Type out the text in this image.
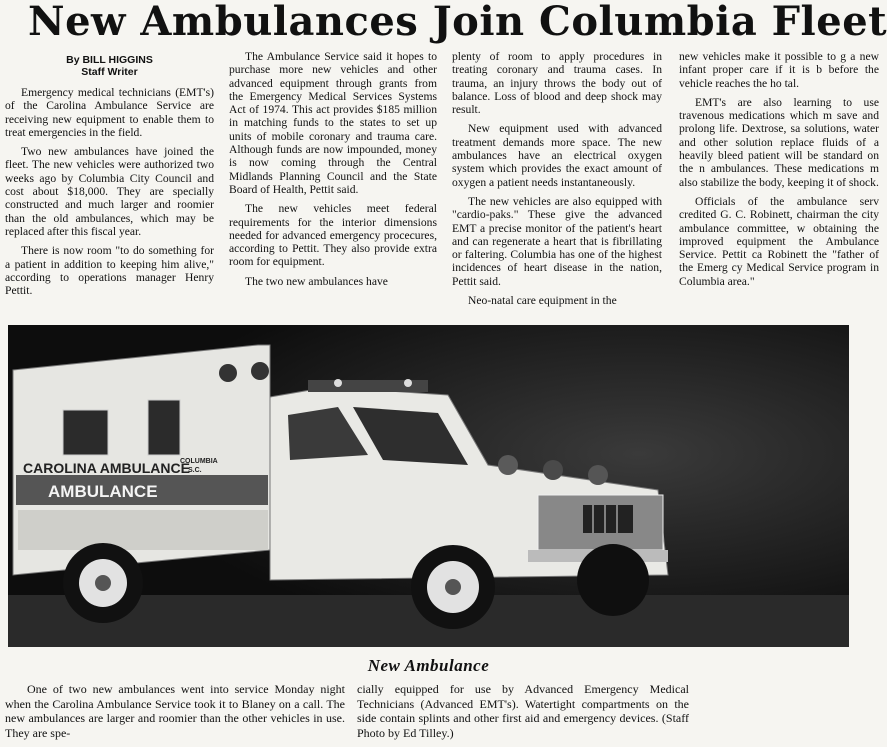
New Ambulances Join Columbia Fleet
By BILL HIGGINS
Staff Writer

Emergency medical technicians (EMT's) of the Carolina Ambulance Service are receiving new equipment to enable them to treat emergencies in the field.

Two new ambulances have joined the fleet. The new vehicles were authorized two weeks ago by Columbia City Council and cost about $18,000. They are specially constructed and much larger and roomier than the old ambulances, which may be replaced after this fiscal year.

There is now room "to do something for a patient in addition to keeping him alive," according to operations manager Henry Pettit.

The Ambulance Service said it hopes to purchase more new vehicles and other advanced equipment through grants from the Emergency Medical Services Systems Act of 1974. This act provides $185 million in matching funds to the states to set up units of mobile coronary and trauma care. Although funds are now impounded, money is now coming through the Central Midlands Planning Council and the State Board of Health, Pettit said.

The new vehicles meet federal requirements for the interior dimensions needed for advanced emergency procecures, according to Pettit. They also provide extra room for equipment.

The two new ambulances have

plenty of room to apply procedures in treating coronary and trauma cases. In trauma, an injury throws the body out of balance. Loss of blood and deep shock may result.

New equipment used with advanced treatment demands more space. The new ambulances have an electrical oxygen system which provides the exact amount of oxygen a patient needs instantaneously.

The new vehicles are also equipped with "cardio-paks." These give the advanced EMT a precise monitor of the patient's heart and can regenerate a heart that is fibrillating or faltering. Columbia has one of the highest incidences of heart disease in the nation, Pettit said.

Neo-natal care equipment in the

new vehicles make it possible to g a new infant proper care if it is b before the vehicle reaches the ho tal.

EMT's are also learning to use travenous medications which m save and prolong life. Dextrose, sa solutions, water and other solution replace fluids of a heavily bleed patient will be standard on the n ambulances. These medications m also stabilize the body, keeping it of shock.

Officials of the ambulance serv credited G. C. Robinett, chairman the city ambulance committee, w obtaining the improved equipment the Ambulance Service. Pettit ca Robinett the "father of the Emerg cy Medical Service program in Columbia area."

CAROLINA AMBULANCE
COLUMBIA
S.C.
AMBULANCE
New Ambulance

One of two new ambulances went into service Monday night when the Carolina Ambulance Service took it to Blaney on a call. The new ambulances are larger and roomier than the other vehicles in use. They are spe-

cially equipped for use by Advanced Emergency Medical Technicians (Advanced EMT's). Watertight compartments on the side contain splints and other first aid and emergency devices. (Staff Photo by Ed Tilley.)
